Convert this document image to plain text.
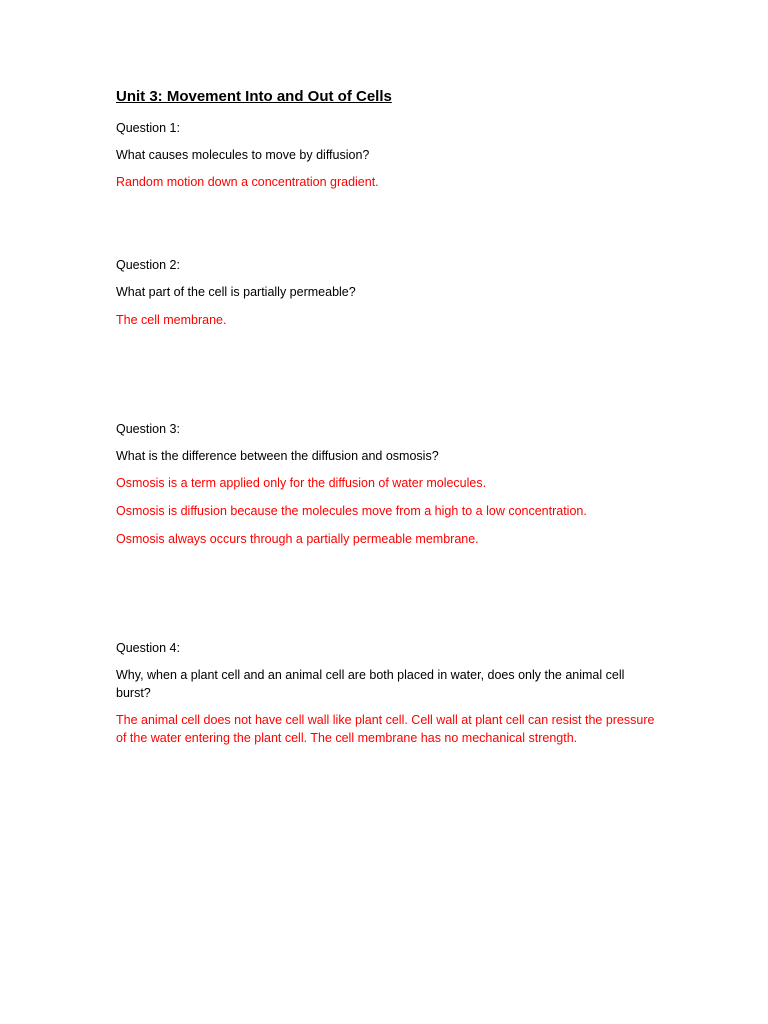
Unit 3: Movement Into and Out of Cells

Question 1:

What causes molecules to move by diffusion?

Random motion down a concentration gradient.

Question 2:

What part of the cell is partially permeable?

The cell membrane.

Question 3:

What is the difference between the diffusion and osmosis?

Osmosis is a term applied only for the diffusion of water molecules.

Osmosis is diffusion because the molecules move from a high to a low concentration.

Osmosis always occurs through a partially permeable membrane.

Question 4:

Why, when a plant cell and an animal cell are both placed in water, does only the animal cell burst?

The animal cell does not have cell wall like plant cell. Cell wall at plant cell can resist the pressure of the water entering the plant cell. The cell membrane has no mechanical strength.
